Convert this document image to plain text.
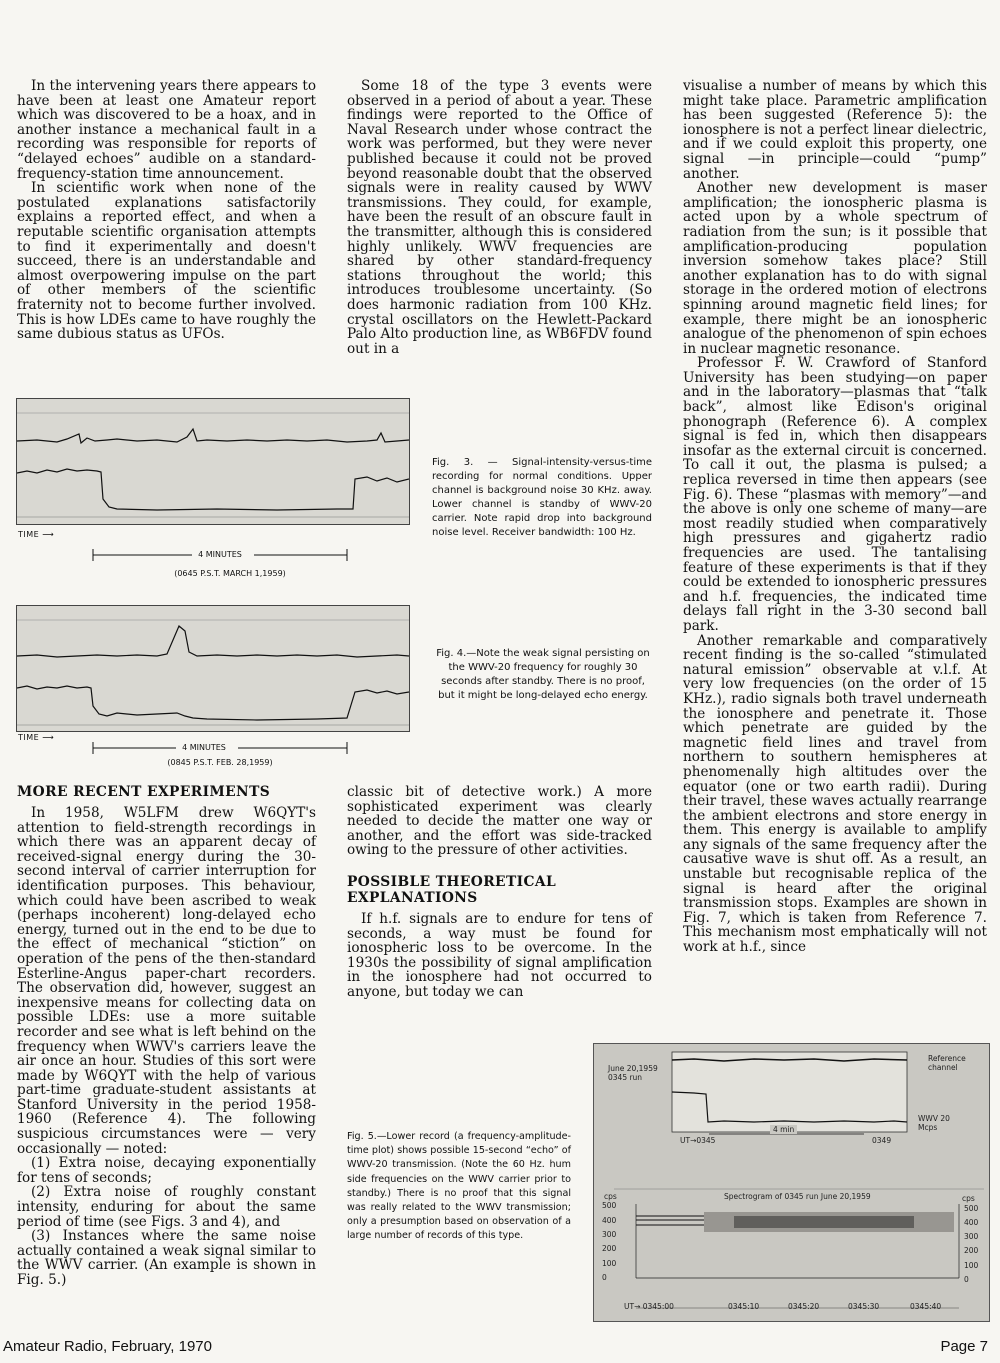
In the intervening years there appears to have been at least one Amateur report which was discovered to be a hoax, and in another instance a mechanical fault in a recording was responsible for reports of “delayed echoes” audible on a standard-frequency-station time announcement.

In scientific work when none of the postulated explanations satisfactorily explains a reported effect, and when a reputable scientific organisation attempts to find it experimentally and doesn't succeed, there is an understandable and almost overpowering impulse on the part of other members of the scientific fraternity not to become further involved. This is how LDEs came to have roughly the same dubious status as UFOs.

Some 18 of the type 3 events were observed in a period of about a year. These findings were reported to the Office of Naval Research under whose contract the work was performed, but they were never published because it could not be proved beyond reasonable doubt that the observed signals were in reality caused by WWV transmissions. They could, for example, have been the result of an obscure fault in the transmitter, although this is considered highly unlikely. WWV frequencies are shared by other standard-frequency stations throughout the world; this introduces troublesome uncertainty. (So does harmonic radiation from 100 KHz. crystal oscillators on the Hewlett-Packard Palo Alto production line, as WB6FDV found out in a

visualise a number of means by which this might take place. Parametric amplification has been suggested (Reference 5): the ionosphere is not a perfect linear dielectric, and if we could exploit this property, one signal —in principle—could “pump” another.

Another new development is maser amplification; the ionospheric plasma is acted upon by a whole spectrum of radiation from the sun; is it possible that amplification-producing population inversion somehow takes place? Still another explanation has to do with signal storage in the ordered motion of electrons spinning around magnetic field lines; for example, there might be an ionospheric analogue of the phenomenon of spin echoes in nuclear magnetic resonance.

Professor F. W. Crawford of Stanford University has been studying—on paper and in the laboratory—plasmas that “talk back”, almost like Edison's original phonograph (Reference 6). A complex signal is fed in, which then disappears insofar as the external circuit is concerned. To call it out, the plasma is pulsed; a replica reversed in time then appears (see Fig. 6). These “plasmas with memory”—and the above is only one scheme of many—are most readily studied when comparatively high pressures and gigahertz radio frequencies are used. The tantalising feature of these experiments is that if they could be extended to ionospheric pressures and h.f. frequencies, the indicated time delays fall right in the 3-30 second ball park.

Another remarkable and comparatively recent finding is the so-called “stimulated natural emission” observable at v.l.f. At very low frequencies (on the order of 15 KHz.), radio signals both travel underneath the ionosphere and penetrate it. Those which penetrate are guided by the magnetic field lines and travel from northern to southern hemispheres at phenomenally high altitudes over the equator (one or two earth radii). During their travel, these waves actually rearrange the ambient electrons and store energy in them. This energy is available to amplify any signals of the same frequency after the causative wave is shut off. As a result, an unstable but recognisable replica of the signal is heard after the original transmission stops. Examples are shown in Fig. 7, which is taken from Reference 7. This mechanism most emphatically will not work at h.f., since

TIME ⟶
4 MINUTES
(0645 P.S.T. MARCH 1,1959)
Fig. 3. — Signal-intensity-versus-time recording for normal conditions. Upper channel is background noise 30 KHz. away. Lower channel is standby of WWV-20 carrier. Note rapid drop into background noise level. Receiver bandwidth: 100 Hz.
TIME ⟶
4 MINUTES
(0845 P.S.T. FEB. 28,1959)
Fig. 4.—Note the weak signal persisting on the WWV-20 frequency for roughly 30 seconds after standby. There is no proof, but it might be long-delayed echo energy.
MORE RECENT EXPERIMENTS

In 1958, W5LFM drew W6QYT's attention to field-strength recordings in which there was an apparent decay of received-signal energy during the 30-second interval of carrier interruption for identification purposes. This behaviour, which could have been ascribed to weak (perhaps incoherent) long-delayed echo energy, turned out in the end to be due to the effect of mechanical “stiction” on operation of the pens of the then-standard Esterline-Angus paper-chart recorders. The observation did, however, suggest an inexpensive means for collecting data on possible LDEs: use a more suitable recorder and see what is left behind on the frequency when WWV's carriers leave the air once an hour. Studies of this sort were made by W6QYT with the help of various part-time graduate-student assistants at Stanford University in the period 1958-1960 (Reference 4). The following suspicious circumstances were — very occasionally — noted:

(1) Extra noise, decaying exponentially for tens of seconds;

(2) Extra noise of roughly constant intensity, enduring for about the same period of time (see Figs. 3 and 4), and

(3) Instances where the same noise actually contained a weak signal similar to the WWV carrier. (An example is shown in Fig. 5.)

classic bit of detective work.) A more sophisticated experiment was clearly needed to decide the matter one way or another, and the effort was side-tracked owing to the pressure of other activities.

POSSIBLE THEORETICAL EXPLANATIONS

If h.f. signals are to endure for tens of seconds, a way must be found for ionospheric loss to be overcome. In the 1930s the possibility of signal amplification in the ionosphere had not occurred to anyone, but today we can

Fig. 5.—Lower record (a frequency-amplitude-time plot) shows possible 15-second “echo” of WWV-20 transmission. (Note the 60 Hz. hum side frequencies on the WWV carrier prior to standby.) There is no proof that this signal was really related to the WWV transmission; only a presumption based on observation of a large number of records of this type.
June 20,1959 0345 run
Reference channel
WWV 20 Mcps
UT→0345
4 min
0349
Spectrogram of 0345 run June 20,1959
cps	cps
500
400
300
200
100
0
500
400
300
200
100
0
UT→ 0345:00	0345:10	0345:20	0345:30	0345:40
Amateur Radio, February, 1970	Page 7
